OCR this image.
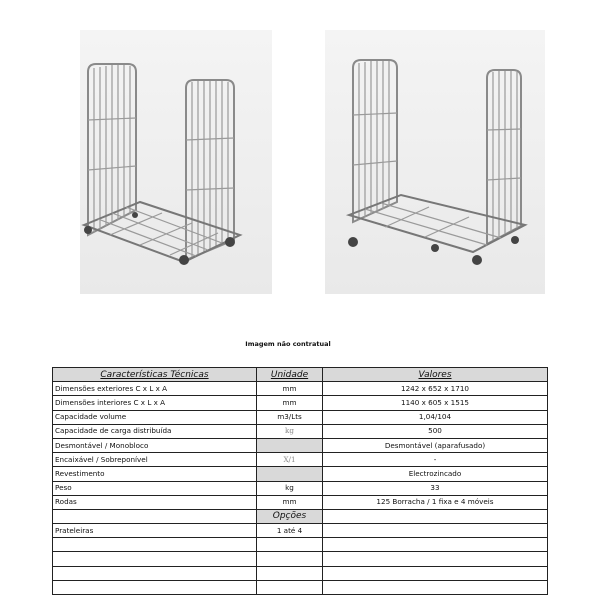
Imagem não contratual
Características Técnicas	Unidade	Valores
Dimensões exteriores C x L x A	mm	1242 x 652 x 1710
Dimensões interiores C x L x A	mm	1140 x 605 x 1515
Capacidade volume	m3/Lts	1,04/104
Capacidade de carga distribuída	kg	500
Desmontável / Monobloco		Desmontável (aparafusado)
Encaixável / Sobreponível	X/1	-
Revestimento		Electrozincado
Peso	kg	33
Rodas	mm	125 Borracha / 1 fixa e 4 móveis
	Opções	
Prateleiras	1 até 4	
